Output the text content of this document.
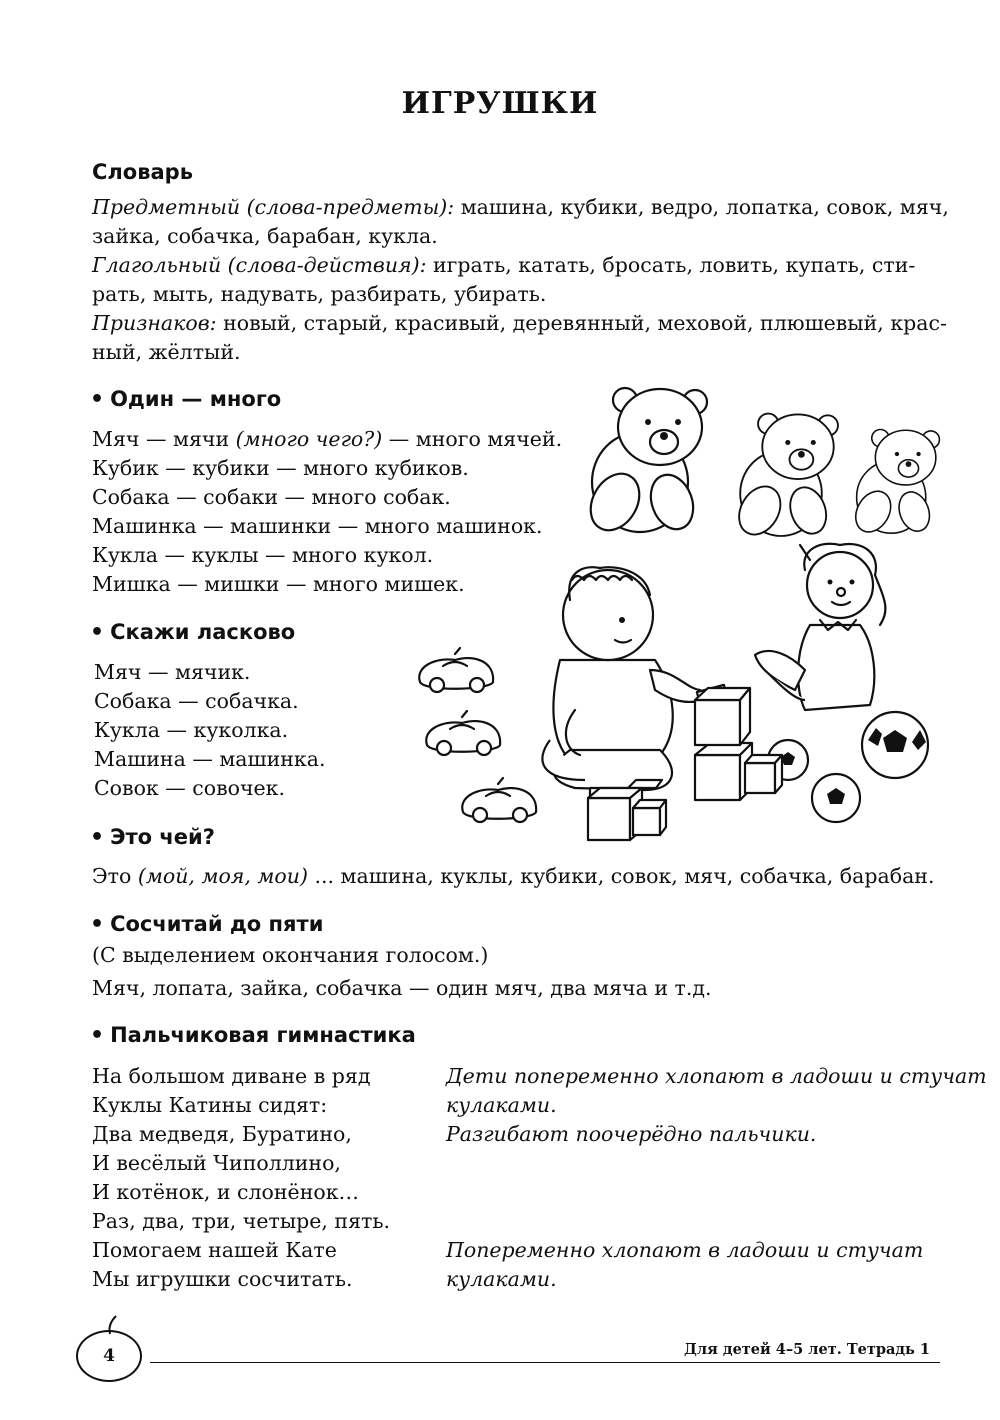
ИГРУШКИ
Словарь
Предметный (слова-предметы): машина, кубики, ведро, лопатка, совок, мяч,
зайка, собачка, барабан, кукла.
Глагольный (слова-действия): играть, катать, бросать, ловить, купать, сти-
рать, мыть, надувать, разбирать, убирать.
Признаков: новый, старый, красивый, деревянный, меховой, плюшевый, крас-
ный, жёлтый.
• Один — много
Мяч — мячи (много чего?) — много мячей.
Кубик — кубики — много кубиков.
Собака — собаки — много собак.
Машинка — машинки — много машинок.
Кукла — куклы — много кукол.
Мишка — мишки — много мишек.
• Скажи ласково
Мяч — мячик.
Собака — собачка.
Кукла — куколка.
Машина — машинка.
Совок — совочек.
• Это чей?
Это (мой, моя, мои) ... машина, куклы, кубики, совок, мяч, собачка, барабан.
• Сосчитай до пяти
(С выделением окончания голосом.)
Мяч, лопата, зайка, собачка — один мяч, два мяча и т.д.
• Пальчиковая гимнастика
На большом диване в ряд
Куклы Катины сидят:
Два медведя, Буратино,
И весёлый Чиполлино,
И котёнок, и слонёнок…
Раз, два, три, четыре, пять.
Помогаем нашей Кате
Мы игрушки сосчитать.
Дети попеременно хлопают в ладоши и стучат
кулаками.
Разгибают поочерёдно пальчики.
Попеременно хлопают в ладоши и стучат
кулаками.
4	Для детей 4–5 лет. Тетрадь 1
